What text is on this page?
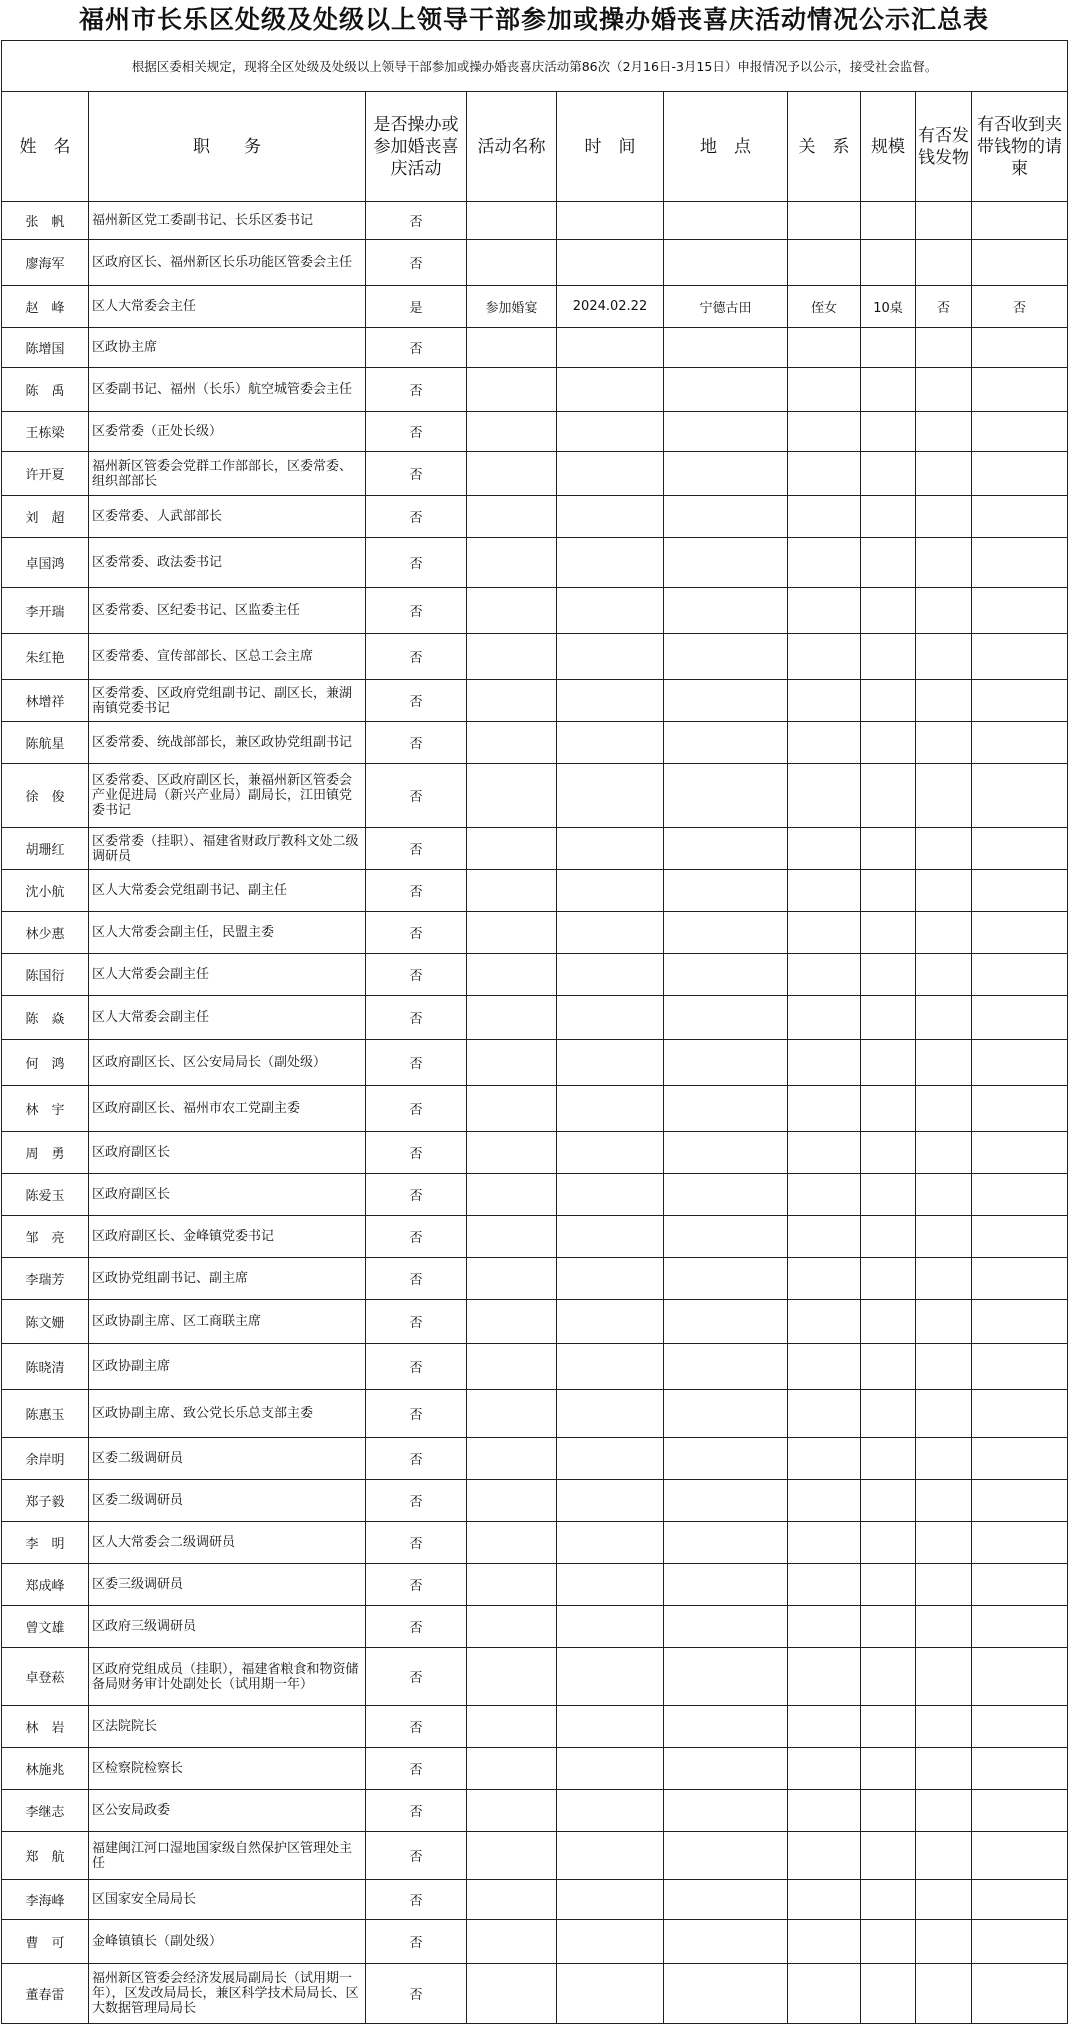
福州市长乐区处级及处级以上领导干部参加或操办婚丧喜庆活动情况公示汇总表
根据区委相关规定，现将全区处级及处级以上领导干部参加或操办婚丧喜庆活动第86次（2月16日-3月15日）申报情况予以公示，接受社会监督。									
姓　名	职　　务	是否操办或参加婚丧喜庆活动	活动名称	时　间	地　点	关　系	规模	有否发钱发物	有否收到夹带钱物的请柬
张　帆	福州新区党工委副书记、长乐区委书记	否							
廖海军	区政府区长、福州新区长乐功能区管委会主任	否							
赵　峰	区人大常委会主任	是	参加婚宴	2024.02.22	宁德古田	侄女	10桌	否	否
陈增国	区政协主席	否							
陈　禹	区委副书记、福州（长乐）航空城管委会主任	否							
王栋梁	区委常委（正处长级）	否							
许开夏	福州新区管委会党群工作部部长，区委常委、组织部部长	否							
刘　超	区委常委、人武部部长	否							
卓国鸿	区委常委、政法委书记	否							
李开瑞	区委常委、区纪委书记、区监委主任	否							
朱红艳	区委常委、宣传部部长、区总工会主席	否							
林增祥	区委常委、区政府党组副书记、副区长，兼湖南镇党委书记	否							
陈航星	区委常委、统战部部长，兼区政协党组副书记	否							
徐　俊	区委常委、区政府副区长，兼福州新区管委会产业促进局（新兴产业局）副局长，江田镇党委书记	否							
胡珊红	区委常委（挂职）、福建省财政厅教科文处二级调研员	否							
沈小航	区人大常委会党组副书记、副主任	否							
林少惠	区人大常委会副主任，民盟主委	否							
陈国衍	区人大常委会副主任	否							
陈　焱	区人大常委会副主任	否							
何　鸿	区政府副区长、区公安局局长（副处级）	否							
林　宇	区政府副区长、福州市农工党副主委	否							
周　勇	区政府副区长	否							
陈爱玉	区政府副区长	否							
邹　亮	区政府副区长、金峰镇党委书记	否							
李瑞芳	区政协党组副书记、副主席	否							
陈文姗	区政协副主席、区工商联主席	否							
陈晓清	区政协副主席	否							
陈惠玉	区政协副主席、致公党长乐总支部主委	否							
余岸明	区委二级调研员	否							
郑子毅	区委二级调研员	否							
李　明	区人大常委会二级调研员	否							
郑成峰	区委三级调研员	否							
曾文雄	区政府三级调研员	否							
卓登菘	区政府党组成员（挂职），福建省粮食和物资储备局财务审计处副处长（试用期一年）	否							
林　岩	区法院院长	否							
林施兆	区检察院检察长	否							
李继志	区公安局政委	否							
郑　航	福建闽江河口湿地国家级自然保护区管理处主任	否							
李海峰	区国家安全局局长	否							
曹　可	金峰镇镇长（副处级）	否							
董春雷	福州新区管委会经济发展局副局长（试用期一年），区发改局局长，兼区科学技术局局长、区大数据管理局局长	否							
